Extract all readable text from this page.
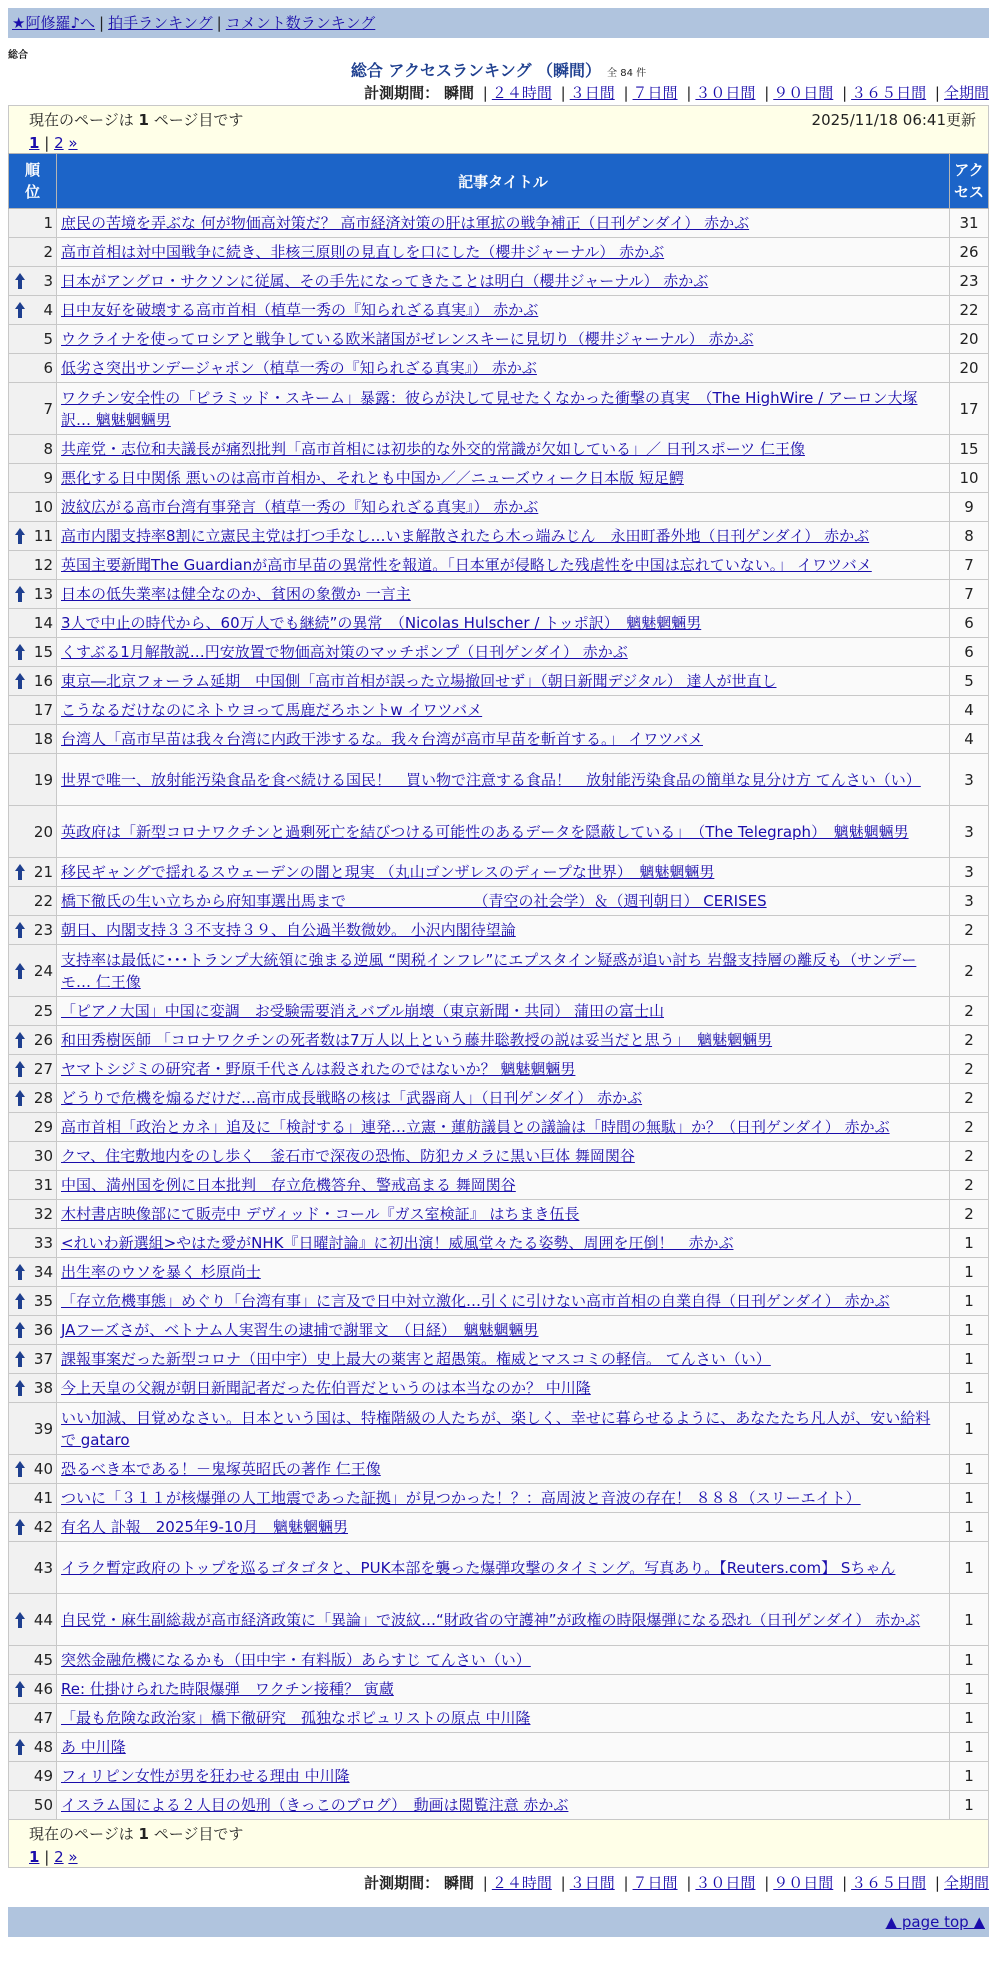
★阿修羅♪へ | 拍手ランキング | コメント数ランキング
総合
総合 アクセスランキング （瞬間） 全 84 件
計測期間： 瞬間 | ２４時間 | ３日間 | ７日間 | ３０日間 | ９０日間 | ３６５日間 | 全期間
現在のページは 1 ページ目です	2025/11/18 06:41更新
1 | 2 »
順位	記事タイトル	アクセス
1	庶民の苦境を弄ぶな 何が物価高対策だ？ 高市経済対策の肝は軍拡の戦争補正（日刊ゲンダイ） 赤かぶ	31
2	高市首相は対中国戦争に続き、非核三原則の見直しを口にした（櫻井ジャーナル） 赤かぶ	26

3	日本がアングロ・サクソンに従属、その手先になってきたことは明白（櫻井ジャーナル） 赤かぶ	23

4	日中友好を破壊する高市首相（植草一秀の『知られざる真実』） 赤かぶ	22
5	ウクライナを使ってロシアと戦争している欧米諸国がゼレンスキーに見切り（櫻井ジャーナル） 赤かぶ	20
6	低劣さ突出サンデージャポン（植草一秀の『知られざる真実』） 赤かぶ	20
7	ワクチン安全性の「ピラミッド・スキーム」暴露：彼らが決して見せたくなかった衝撃の真実　（The HighWire / アーロン大塚訳… 魑魅魍魎男	17
8	共産党・志位和夫議長が痛烈批判「高市首相には初歩的な外交的常識が欠如している」／ 日刊スポーツ 仁王像	15
9	悪化する日中関係 悪いのは高市首相か、それとも中国か／／ニューズウィーク日本版 短足鰐	10
10	波紋広がる高市台湾有事発言（植草一秀の『知られざる真実』） 赤かぶ	9

11	高市内閣支持率8割に立憲民主党は打つ手なし…いま解散されたら木っ端みじん　永田町番外地（日刊ゲンダイ） 赤かぶ	8
12	英国主要新聞The Guardianが高市早苗の異常性を報道。「日本軍が侵略した残虐性を中国は忘れていない。」 イワツバメ	7

13	日本の低失業率は健全なのか、貧困の象徴か 一言主	7
14	3人で中止の時代から、60万人でも継続”の異常　（Nicolas Hulscher / トッポ訳）　魑魅魍魎男	6

15	くすぶる1月解散説…円安放置で物価高対策のマッチポンプ（日刊ゲンダイ） 赤かぶ	6

16	東京―北京フォーラム延期　中国側「高市首相が誤った立場撤回せず」（朝日新聞デジタル） 達人が世直し	5
17	こうなるだけなのにネトウヨって馬鹿だろホントw イワツバメ	4
18	台湾人「高市早苗は我々台湾に内政干渉するな。我々台湾が高市早苗を斬首する。」 イワツバメ	4
19	世界で唯一、放射能汚染食品を食べ続ける国民！　買い物で注意する食品！　放射能汚染食品の簡単な見分け方 てんさい（い）	3
20	英政府は「新型コロナワクチンと過剰死亡を結びつける可能性のあるデータを隠蔽している」　（The Telegraph）　魑魅魍魎男	3

21	移民ギャングで揺れるスウェーデンの闇と現実 （丸山ゴンザレスのディープな世界）　魑魅魍魎男	3
22	橋下徹氏の生い立ちから府知事選出馬まで　　　　　　　　　（青空の社会学）＆（週刊朝日） CERISES	3

23	朝日、内閣支持３３不支持３９、自公過半数微妙。 小沢内閣待望論	2

24	支持率は最低に･･･トランプ大統領に強まる逆風 “関税インフレ”にエプスタイン疑惑が追い討ち 岩盤支持層の離反も（サンデーモ… 仁王像	2
25	「ピアノ大国」中国に変調　お受験需要消えバブル崩壊（東京新聞・共同） 蒲田の富士山	2

26	和田秀樹医師 「コロナワクチンの死者数は7万人以上という藤井聡教授の説は妥当だと思う」　魑魅魍魎男	2

27	ヤマトシジミの研究者・野原千代さんは殺されたのではないか？ 魑魅魍魎男	2

28	どうりで危機を煽るだけだ…高市成長戦略の核は「武器商人」（日刊ゲンダイ） 赤かぶ	2
29	高市首相「政治とカネ」追及に「検討する」連発…立憲・蓮舫議員との議論は「時間の無駄」か？（日刊ゲンダイ） 赤かぶ	2
30	クマ、住宅敷地内をのし歩く　釜石市で深夜の恐怖、防犯カメラに黒い巨体 舞岡関谷	2
31	中国、満州国を例に日本批判　存立危機答弁、警戒高まる 舞岡関谷	2
32	木村書店映像部にて販売中 デヴィッド・コール『ガス室検証』 はちまき伍長	2
33	<れいわ新選組>やはた愛がNHK『日曜討論』に初出演！威風堂々たる姿勢、周囲を圧倒！　赤かぶ	1

34	出生率のウソを暴く 杉原尚士	1

35	「存立危機事態」めぐり「台湾有事」に言及で日中対立激化…引くに引けない高市首相の自業自得（日刊ゲンダイ） 赤かぶ	1

36	JAフーズさが、ベトナム人実習生の逮捕で謝罪文　（日経）　魑魅魍魎男	1

37	課報事案だった新型コロナ（田中宇）史上最大の薬害と超愚策。権威とマスコミの軽信。 てんさい（い）	1

38	今上天皇の父親が朝日新聞記者だった佐伯晋だというのは本当なのか？ 中川隆	1
39	いい加減、目覚めなさい。日本という国は、特権階級の人たちが、楽しく、幸せに暮らせるように、あなたたち凡人が、安い給料で gataro	1

40	恐るべき本である！－鬼塚英昭氏の著作 仁王像	1
41	ついに「３１１が核爆弾の人工地震であった証拠」が見つかった！？：高周波と音波の存在！ ８８８（スリーエイト）	1

42	有名人 訃報　2025年9-10月　魑魅魍魎男	1
43	イラク暫定政府のトップを巡るゴタゴタと、PUK本部を襲った爆弾攻撃のタイミング。写真あり。【Reuters.com】 Sちゃん	1

44	自民党・麻生副総裁が高市経済政策に「異論」で波紋…“財政省の守護神”が政権の時限爆弾になる恐れ（日刊ゲンダイ） 赤かぶ	1
45	突然金融危機になるかも（田中宇・有料版）あらすじ てんさい（い）	1

46	Re: 仕掛けられた時限爆弾　ワクチン接種？ 寅蔵	1
47	「最も危険な政治家」橋下徹研究　孤独なポピュリストの原点 中川隆	1

48	あ 中川隆	1
49	フィリピン女性が男を狂わせる理由 中川隆	1
50	イスラム国による２人目の処刑（きっこのブログ）　動画は閲覧注意 赤かぶ	1
現在のページは 1 ページ目です
1 | 2 »
計測期間： 瞬間 | ２４時間 | ３日間 | ７日間 | ３０日間 | ９０日間 | ３６５日間 | 全期間
▲ page top ▲
